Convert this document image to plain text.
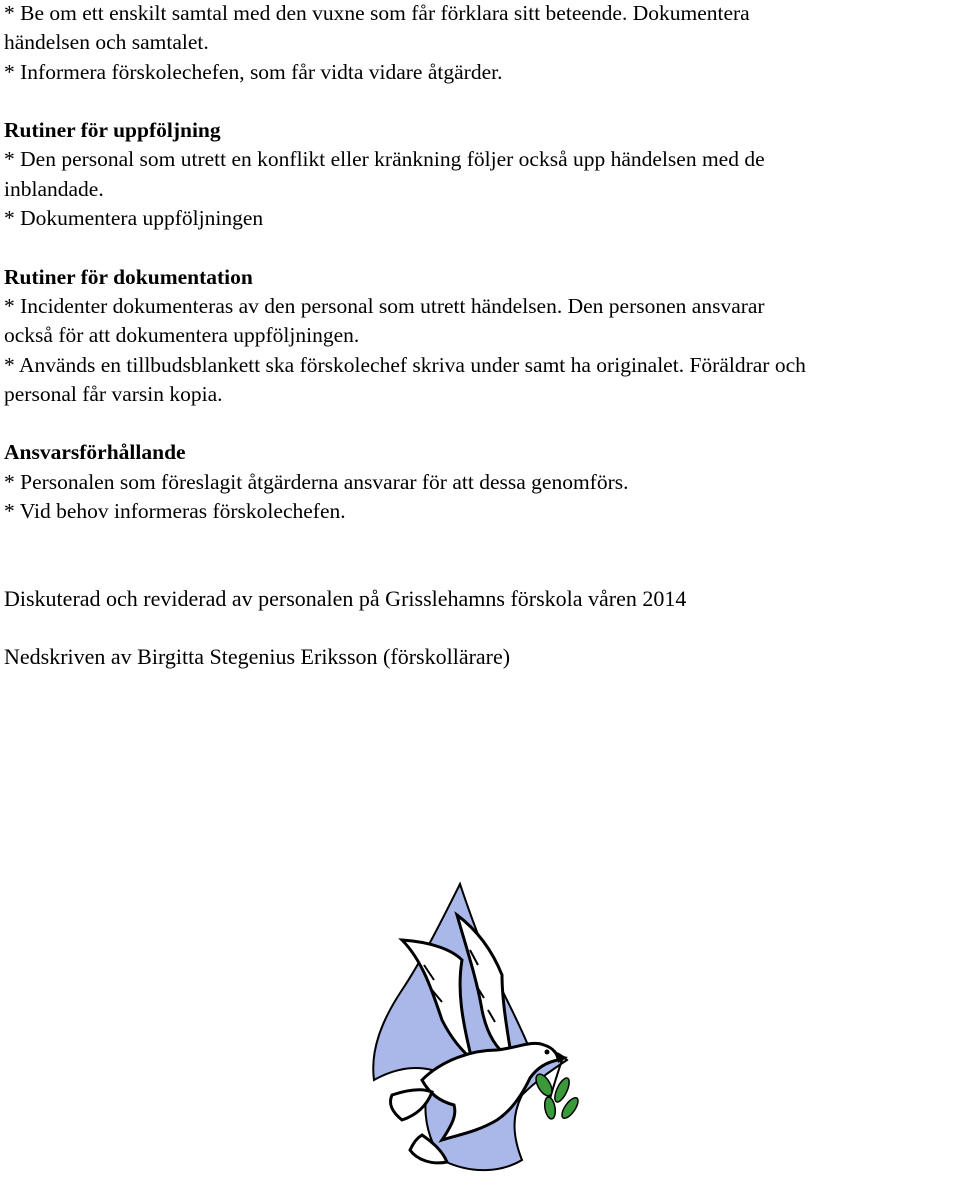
* Be om ett enskilt samtal med den vuxne som får förklara sitt beteende. Dokumentera

händelsen och samtalet.

* Informera förskolechefen, som får vidta vidare åtgärder.

Rutiner för uppföljning

* Den personal som utrett en konflikt eller kränkning följer också upp händelsen med de

inblandade.

* Dokumentera uppföljningen

Rutiner för dokumentation

* Incidenter dokumenteras av den personal som utrett händelsen. Den personen ansvarar

också för att dokumentera uppföljningen.

* Används en tillbudsblankett ska förskolechef skriva under samt ha originalet. Föräldrar och

personal får varsin kopia.

Ansvarsförhållande

* Personalen som föreslagit åtgärderna ansvarar för att dessa genomförs.

* Vid behov informeras förskolechefen.

Diskuterad och reviderad av personalen på Grisslehamns förskola våren 2014

Nedskriven av Birgitta Stegenius Eriksson (förskollärare)
